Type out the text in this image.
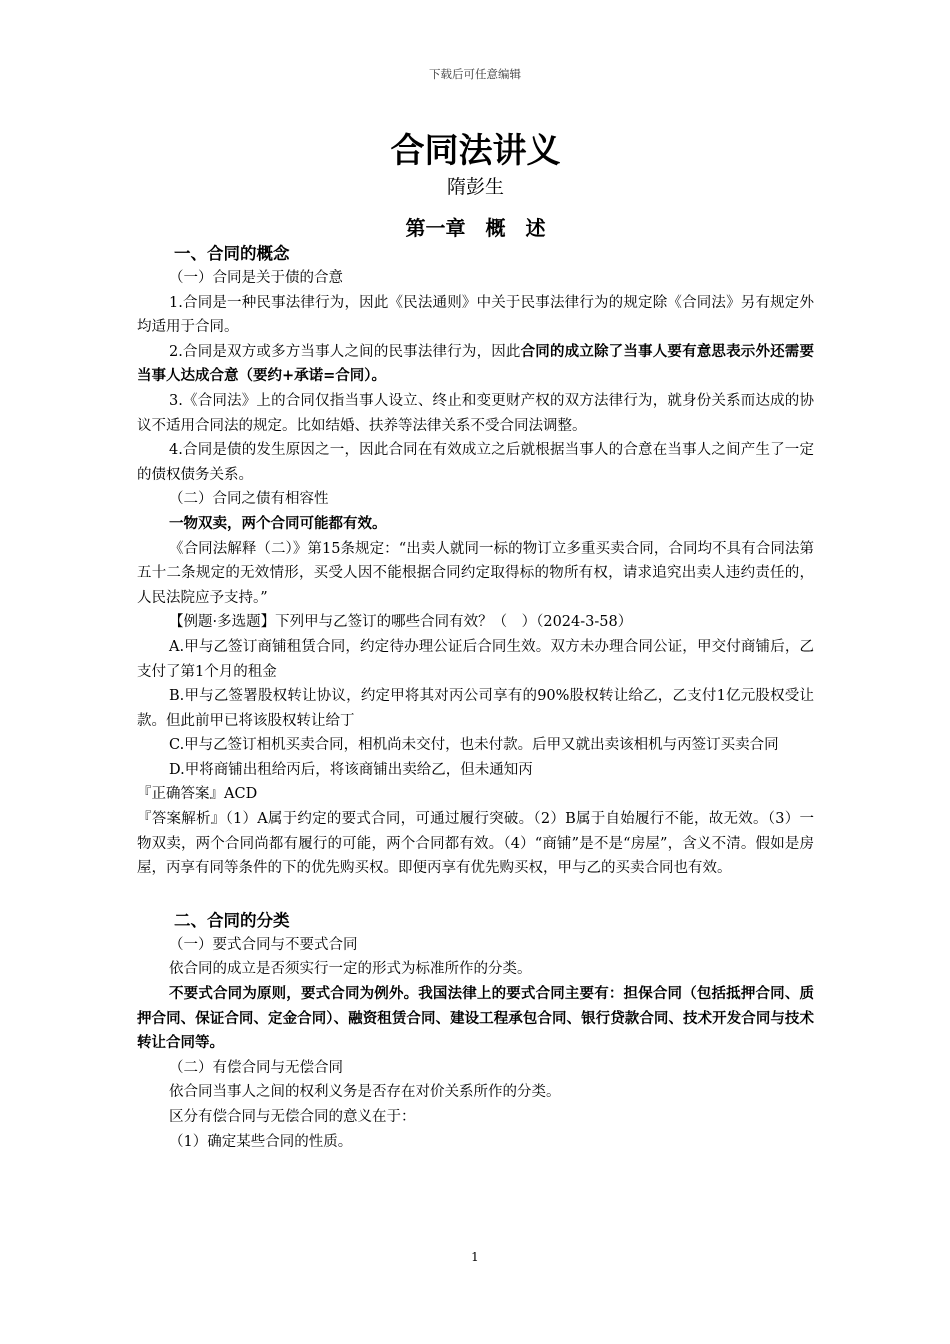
下载后可任意编辑
合同法讲义
隋彭生
第一章　概　述
一、合同的概念

（一）合同是关于债的合意

1.合同是一种民事法律行为，因此《民法通则》中关于民事法律行为的规定除《合同法》另有规定外均适用于合同。

2.合同是双方或多方当事人之间的民事法律行为，因此合同的成立除了当事人要有意思表示外还需要当事人达成合意（要约+承诺=合同）。

3.《合同法》上的合同仅指当事人设立、终止和变更财产权的双方法律行为，就身份关系而达成的协议不适用合同法的规定。比如结婚、扶养等法律关系不受合同法调整。

4.合同是债的发生原因之一，因此合同在有效成立之后就根据当事人的合意在当事人之间产生了一定的债权债务关系。

（二）合同之债有相容性

一物双卖，两个合同可能都有效。

《合同法解释（二）》第15条规定：“出卖人就同一标的物订立多重买卖合同，合同均不具有合同法第五十二条规定的无效情形，买受人因不能根据合同约定取得标的物所有权，请求追究出卖人违约责任的，人民法院应予支持。”

【例题·多选题】下列甲与乙签订的哪些合同有效？（　）（2024-3-58）

A.甲与乙签订商铺租赁合同，约定待办理公证后合同生效。双方未办理合同公证，甲交付商铺后，乙支付了第1个月的租金

B.甲与乙签署股权转让协议，约定甲将其对丙公司享有的90%股权转让给乙，乙支付1亿元股权受让款。但此前甲已将该股权转让给丁

C.甲与乙签订相机买卖合同，相机尚未交付，也未付款。后甲又就出卖该相机与丙签订买卖合同

D.甲将商铺出租给丙后，将该商铺出卖给乙，但未通知丙

『正确答案』ACD

『答案解析』（1）A属于约定的要式合同，可通过履行突破。（2）B属于自始履行不能，故无效。（3）一物双卖，两个合同尚都有履行的可能，两个合同都有效。（4）“商铺”是不是“房屋”，含义不清。假如是房屋，丙享有同等条件的下的优先购买权。即便丙享有优先购买权，甲与乙的买卖合同也有效。

二、合同的分类

（一）要式合同与不要式合同

依合同的成立是否须实行一定的形式为标准所作的分类。

不要式合同为原则，要式合同为例外。我国法律上的要式合同主要有：担保合同（包括抵押合同、质押合同、保证合同、定金合同）、融资租赁合同、建设工程承包合同、银行贷款合同、技术开发合同与技术转让合同等。

（二）有偿合同与无偿合同

依合同当事人之间的权利义务是否存在对价关系所作的分类。

区分有偿合同与无偿合同的意义在于：

（1）确定某些合同的性质。

1
